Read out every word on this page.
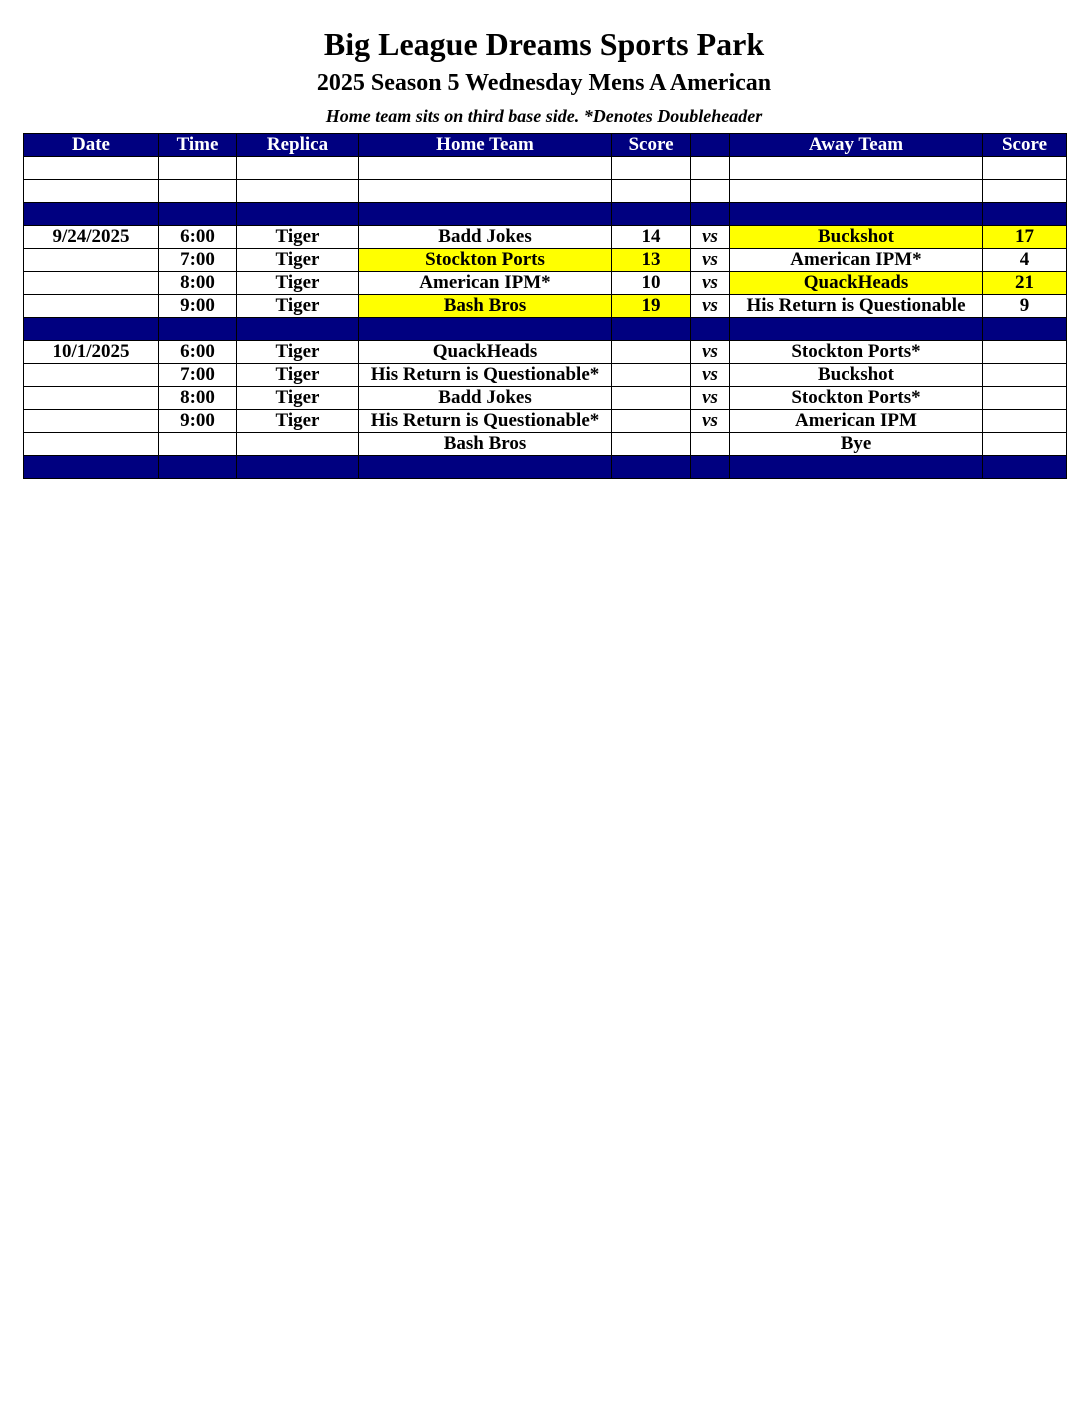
Big League Dreams Sports Park
2025 Season 5 Wednesday Mens A American
Home team sits on third base side. *Denotes Doubleheader
Date	Time	Replica	Home Team	Score		Away Team	Score

9/24/2025	6:00	Tiger	Badd Jokes	14	vs	Buckshot	17
	7:00	Tiger	Stockton Ports	13	vs	American IPM*	4
	8:00	Tiger	American IPM*	10	vs	QuackHeads	21
	9:00	Tiger	Bash Bros	19	vs	His Return is Questionable	9

10/1/2025	6:00	Tiger	QuackHeads		vs	Stockton Ports*	
	7:00	Tiger	His Return is Questionable*		vs	Buckshot	
	8:00	Tiger	Badd Jokes		vs	Stockton Ports*	
	9:00	Tiger	His Return is Questionable*		vs	American IPM	
			Bash Bros			Bye	
